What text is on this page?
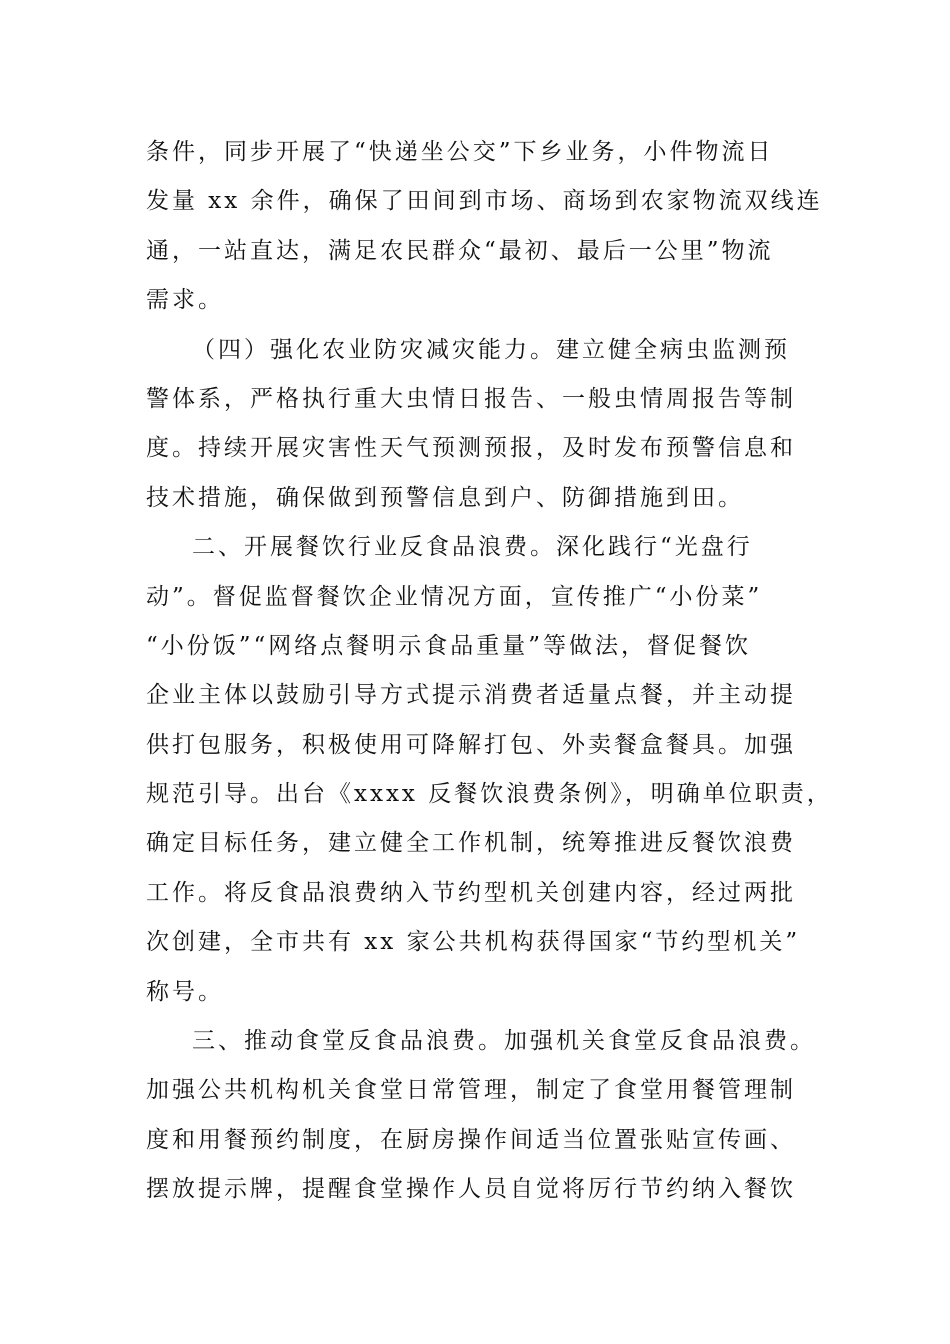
条件，同步开展了“快递坐公交”下乡业务，小件物流日
发量 xx 余件，确保了田间到市场、商场到农家物流双线连
通，一站直达，满足农民群众“最初、最后一公里”物流
需求。
（四）强化农业防灾减灾能力。建立健全病虫监测预
警体系，严格执行重大虫情日报告、一般虫情周报告等制
度。持续开展灾害性天气预测预报，及时发布预警信息和
技术措施，确保做到预警信息到户、防御措施到田。
二、开展餐饮行业反食品浪费。深化践行“光盘行
动”。督促监督餐饮企业情况方面，宣传推广“小份菜”
“小份饭”“网络点餐明示食品重量”等做法，督促餐饮
企业主体以鼓励引导方式提示消费者适量点餐，并主动提
供打包服务，积极使用可降解打包、外卖餐盒餐具。加强
规范引导。出台《xxxx 反餐饮浪费条例》，明确单位职责，
确定目标任务，建立健全工作机制，统筹推进反餐饮浪费
工作。将反食品浪费纳入节约型机关创建内容，经过两批
次创建，全市共有 xx 家公共机构获得国家“节约型机关”
称号。
三、推动食堂反食品浪费。加强机关食堂反食品浪费。
加强公共机构机关食堂日常管理，制定了食堂用餐管理制
度和用餐预约制度，在厨房操作间适当位置张贴宣传画、
摆放提示牌，提醒食堂操作人员自觉将厉行节约纳入餐饮
